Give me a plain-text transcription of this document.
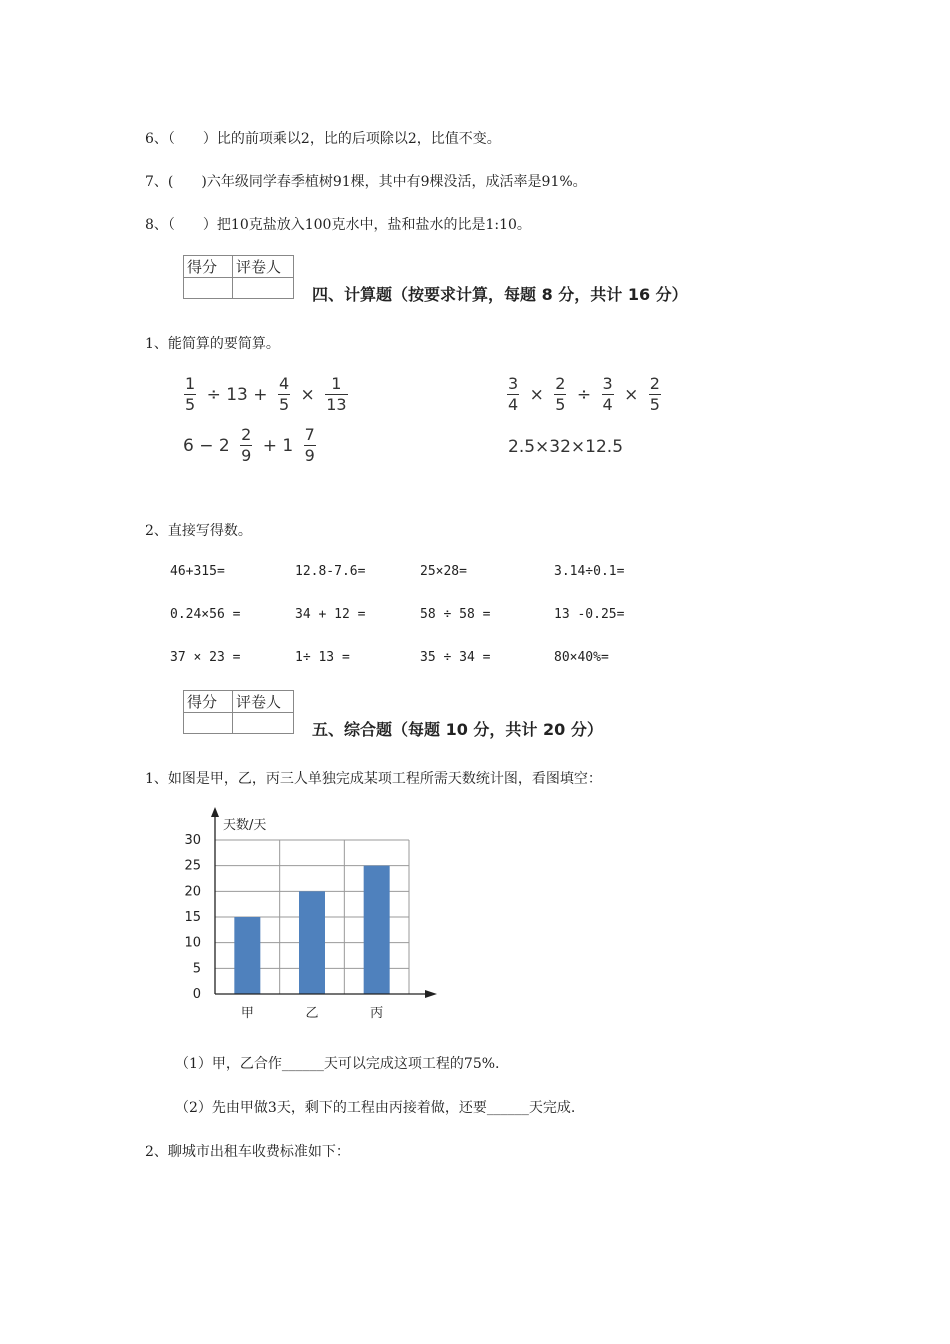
6、（　　）比的前项乘以2，比的后项除以2，比值不变。
7、(　　)六年级同学春季植树91棵，其中有9棵没活，成活率是91%。
8、（　　）把10克盐放入100克水中，盐和盐水的比是1:10。
得分	评卷人

四、计算题（按要求计算，每题 8 分，共计 16 分）
1、能简算的要简算。
$\frac{1}{5} \div 13 + \frac{4}{5} \times \frac{1}{13}$	$\frac{3}{4} \times \frac{2}{5} \div \frac{3}{4} \times \frac{2}{5}$
$6 - 2 \frac{2}{9} + 1 \frac{7}{9}$	2.5×32×12.5
2、直接写得数。
46+315=	12.8-7.6=	25×28=	3.14÷0.1=
0.24×56 =	34 + 12 =	58 ÷ 58 =	13 -0.25=
37 × 23 =	1÷ 13 =	35 ÷ 34 =	80×40%=
得分	评卷人

五、综合题（每题 10 分，共计 20 分）
1、如图是甲，乙，丙三人单独完成某项工程所需天数统计图，看图填空：
0
5
10
15
20
25
30
甲	乙	丙
天数/天
（1）甲，乙合作______天可以完成这项工程的75%.
（2）先由甲做3天，剩下的工程由丙接着做，还要______天完成.
2、聊城市出租车收费标准如下：
